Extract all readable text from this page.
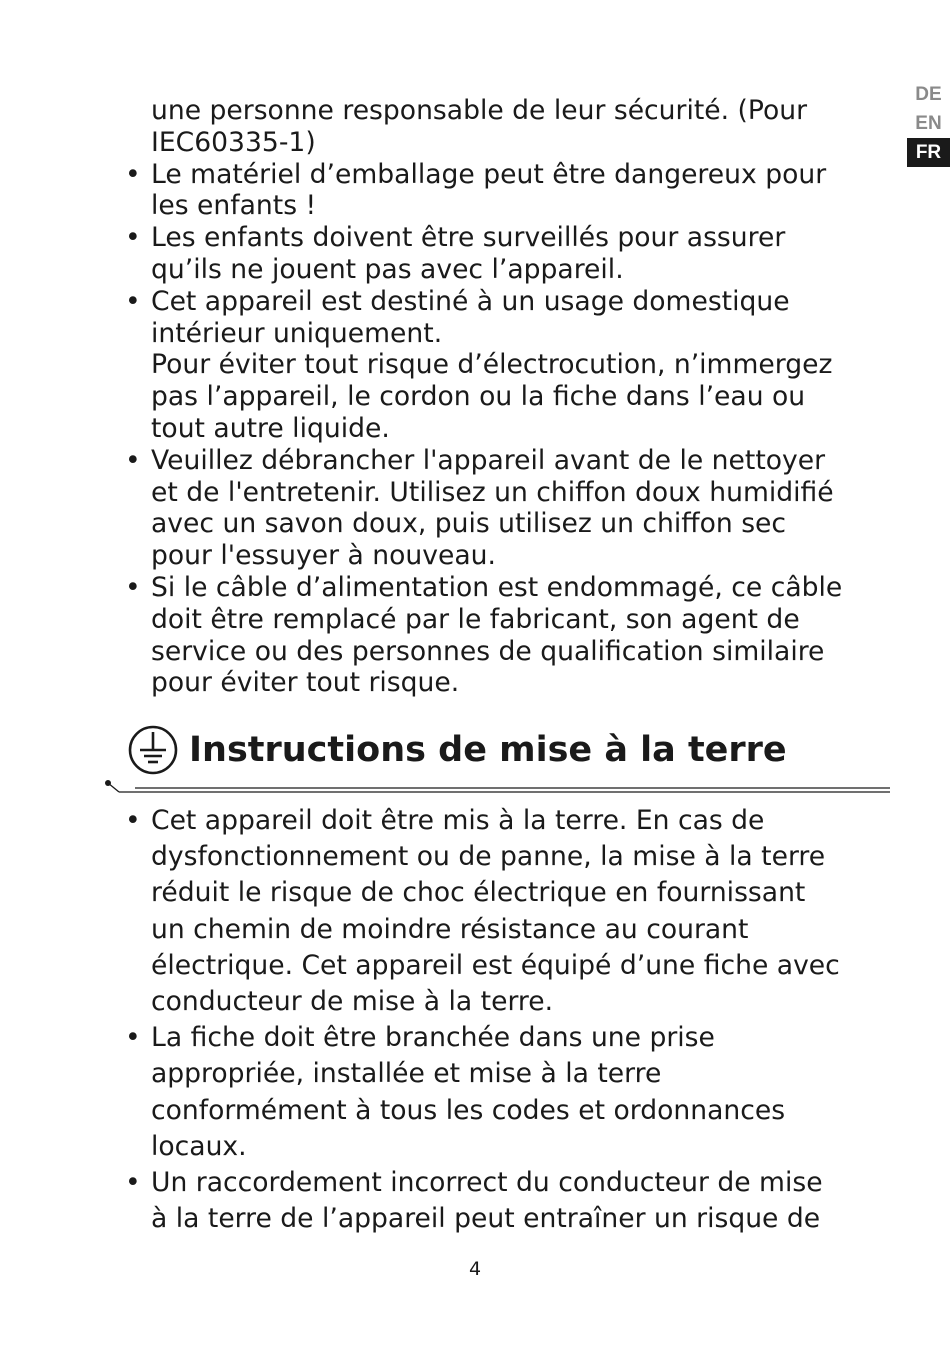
DE
EN
FR
une personne responsable de leur sécurité. (Pour
IEC60335-1)
• Le matériel d’emballage peut être dangereux pour
les enfants !
• Les enfants doivent être surveillés pour assurer
qu’ils ne jouent pas avec l’appareil.
• Cet appareil est destiné à un usage domestique
intérieur uniquement.
Pour éviter tout risque d’électrocution, n’immergez
pas l’appareil, le cordon ou la fiche dans l’eau ou
tout autre liquide.
• Veuillez débrancher l'appareil avant de le nettoyer
et de l'entretenir. Utilisez un chiffon doux humidifié
avec un savon doux, puis utilisez un chiffon sec
pour l'essuyer à nouveau.
• Si le câble d’alimentation est endommagé, ce câble
doit être remplacé par le fabricant, son agent de
service ou des personnes de qualification similaire
pour éviter tout risque.
Instructions de mise à la terre
• Cet appareil doit être mis à la terre. En cas de
dysfonctionnement ou de panne, la mise à la terre
réduit le risque de choc électrique en fournissant
un chemin de moindre résistance au courant
électrique. Cet appareil est équipé d’une fiche avec
conducteur de mise à la terre.
• La fiche doit être branchée dans une prise
appropriée, installée et mise à la terre
conformément à tous les codes et ordonnances
locaux.
• Un raccordement incorrect du conducteur de mise
à la terre de l’appareil peut entraîner un risque de
4
